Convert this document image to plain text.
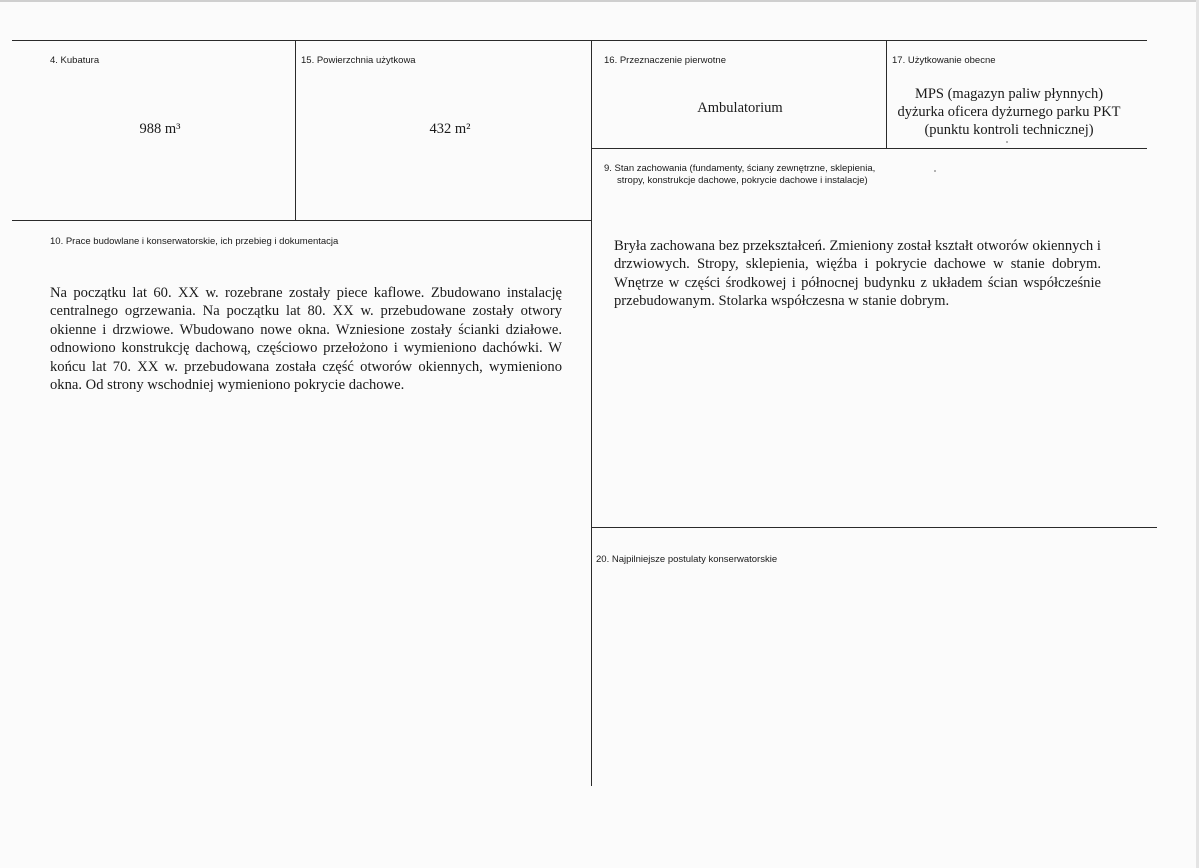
4. Kubatura
988 m³
15. Powierzchnia użytkowa
432 m²
16. Przeznaczenie pierwotne
Ambulatorium
17. Użytkowanie obecne
MPS (magazyn paliw płynnych)
dyżurka oficera dyżurnego parku PKT
(punktu kontroli technicznej)
9. Stan zachowania (fundamenty, ściany zewnętrzne, sklepienia,
stropy, konstrukcje dachowe, pokrycie dachowe i instalacje)
Bryła zachowana bez przekształceń. Zmieniony został kształt otworów okiennych i drzwiowych. Stropy, sklepienia, więźba i pokrycie dachowe w stanie dobrym. Wnętrze w części środkowej i północnej budynku z układem ścian współcześnie przebudowanym. Stolarka współczesna w stanie dobrym.
10. Prace budowlane i konserwatorskie, ich przebieg i dokumentacja
Na początku lat 60. XX w. rozebrane zostały piece kaflowe. Zbudowano instalację centralnego ogrzewania. Na początku lat 80. XX w. przebudowane zostały otwory okienne i drzwiowe. Wbudowano nowe okna. Wzniesione zostały ścianki działowe. odnowiono konstrukcję dachową, częściowo przełożono i wymieniono dachówki. W końcu lat 70. XX w. przebudowana została część otworów okiennych, wymieniono okna. Od strony wschodniej wymieniono pokrycie dachowe.
20. Najpilniejsze postulaty konserwatorskie
